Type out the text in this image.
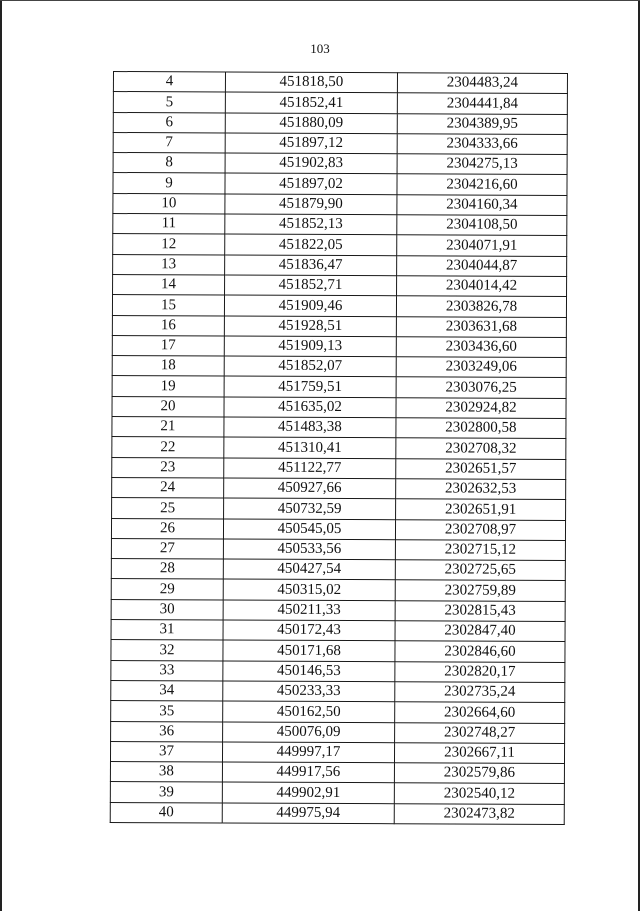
103
4	451818,50	2304483,24
5	451852,41	2304441,84
6	451880,09	2304389,95
7	451897,12	2304333,66
8	451902,83	2304275,13
9	451897,02	2304216,60
10	451879,90	2304160,34
11	451852,13	2304108,50
12	451822,05	2304071,91
13	451836,47	2304044,87
14	451852,71	2304014,42
15	451909,46	2303826,78
16	451928,51	2303631,68
17	451909,13	2303436,60
18	451852,07	2303249,06
19	451759,51	2303076,25
20	451635,02	2302924,82
21	451483,38	2302800,58
22	451310,41	2302708,32
23	451122,77	2302651,57
24	450927,66	2302632,53
25	450732,59	2302651,91
26	450545,05	2302708,97
27	450533,56	2302715,12
28	450427,54	2302725,65
29	450315,02	2302759,89
30	450211,33	2302815,43
31	450172,43	2302847,40
32	450171,68	2302846,60
33	450146,53	2302820,17
34	450233,33	2302735,24
35	450162,50	2302664,60
36	450076,09	2302748,27
37	449997,17	2302667,11
38	449917,56	2302579,86
39	449902,91	2302540,12
40	449975,94	2302473,82
